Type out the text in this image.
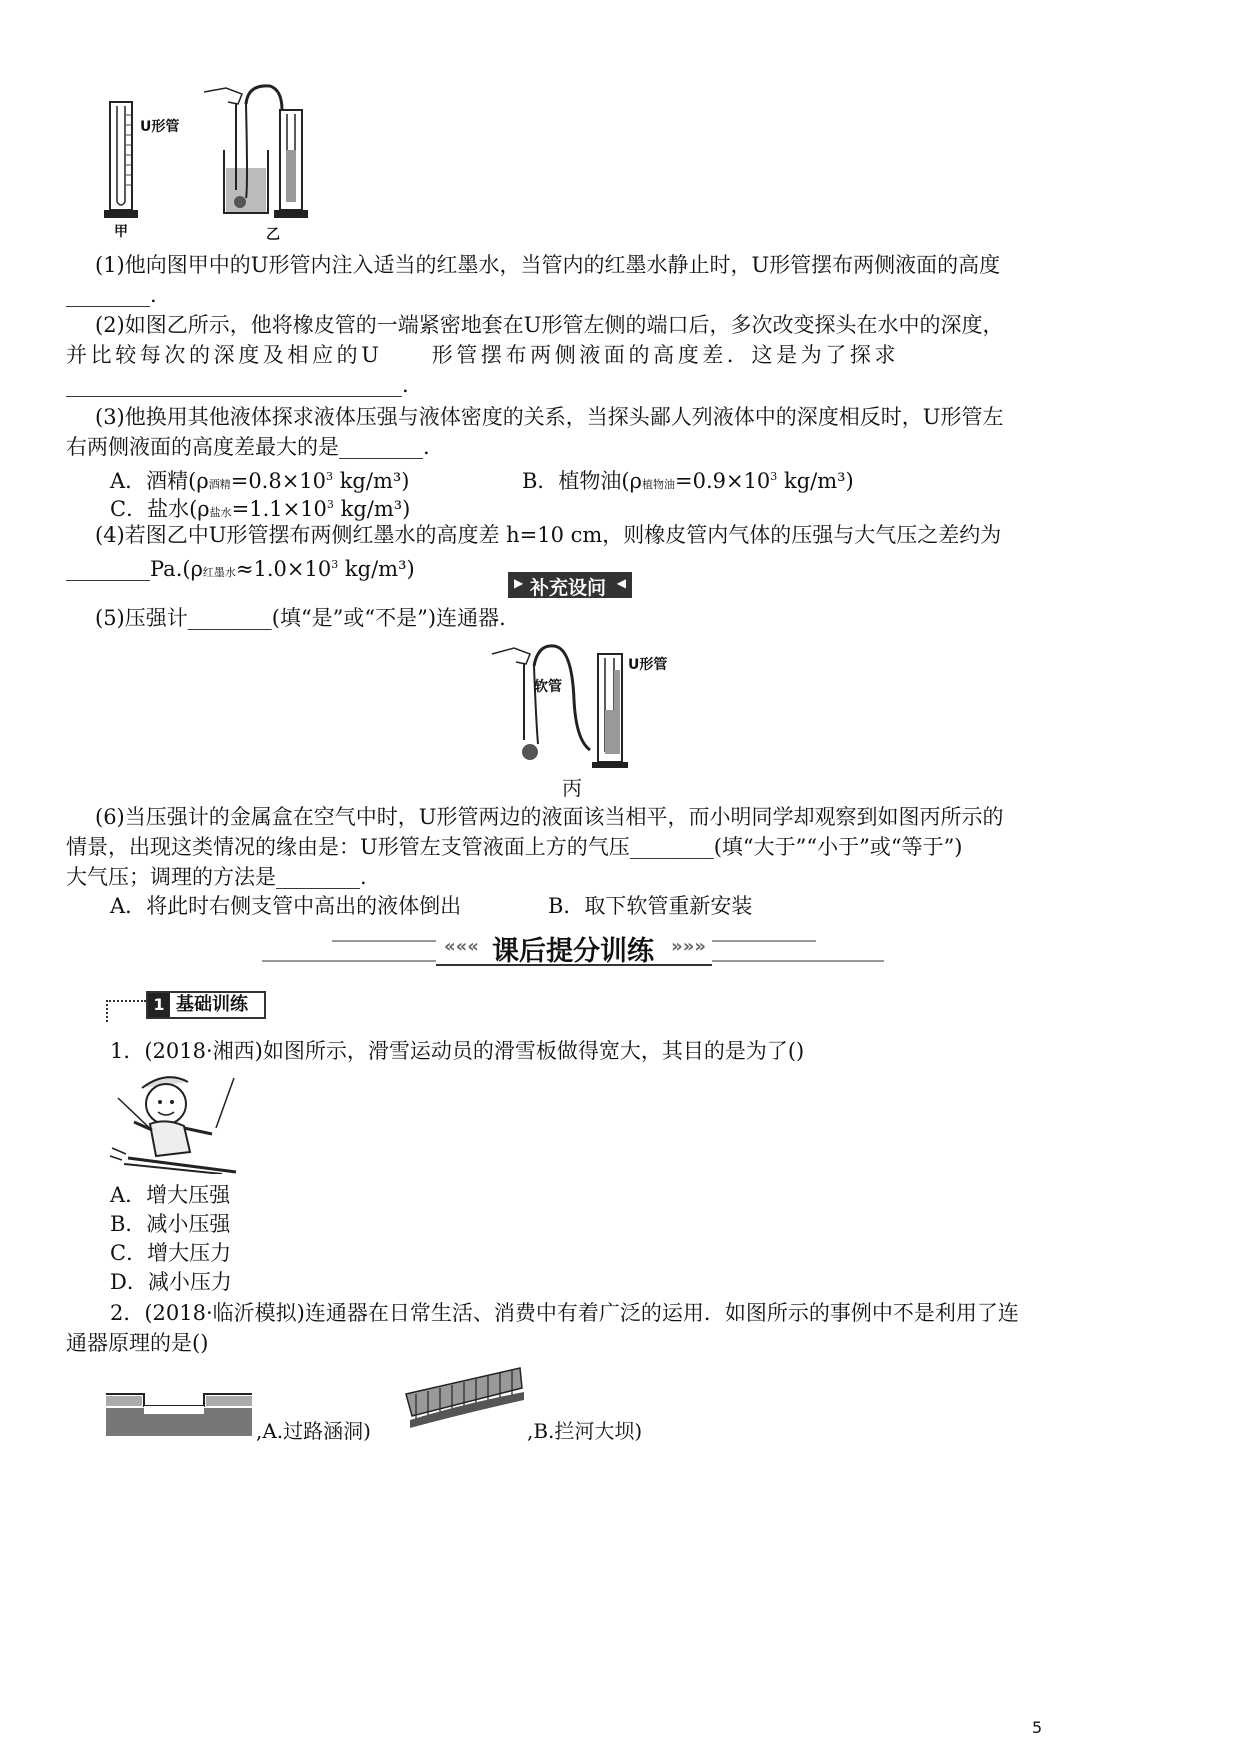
U形管
甲	乙
(1)他向图甲中的U形管内注入适当的红墨水，当管内的红墨水静止时，U形管摆布两侧液面的高度
________.
(2)如图乙所示，他将橡皮管的一端紧密地套在U形管左侧的端口后，多次改变探头在水中的深度，
并比较每次的深度及相应的U　　形管摆布两侧液面的高度差．这是为了探求
________________________________.
(3)他换用其他液体探求液体压强与液体密度的关系，当探头鄙人列液体中的深度相反时，U形管左
右两侧液面的高度差最大的是________.
A．酒精(ρ酒精$=0.8\times 10^3$ kg/m³)	B．植物油(ρ植物油$=0.9\times 10^3$ kg/m³)
C．盐水(ρ盐水$=1.1\times 10^3$ kg/m³)
(4)若图乙中U形管摆布两侧红墨水的高度差 h=10 cm，则橡皮管内气体的压强与大气压之差约为
________Pa.(ρ红墨水$\approx 1.0\times 10^3$ kg/m³)
▶ 补充设问 ◀
(5)压强计________(填“是”或“不是”)连通器.
软管
U形管
丙
(6)当压强计的金属盒在空气中时，U形管两边的液面该当相平，而小明同学却观察到如图丙所示的
情景，出现这类情况的缘由是：U形管左支管液面上方的气压________(填“大于”“小于”或“等于”)
大气压；调理的方法是________.
A．将此时右侧支管中高出的液体倒出	B．取下软管重新安装
««« 课后提分训练 »»»
1 基础训练
1．(2018·湘西)如图所示，滑雪运动员的滑雪板做得宽大，其目的是为了()
A．增大压强
B．减小压强
C．增大压力
D．减小压力
2．(2018·临沂模拟)连通器在日常生活、消费中有着广泛的运用．如图所示的事例中不是利用了连
通器原理的是()
,A.过路涵洞)	,B.拦河大坝)
5
